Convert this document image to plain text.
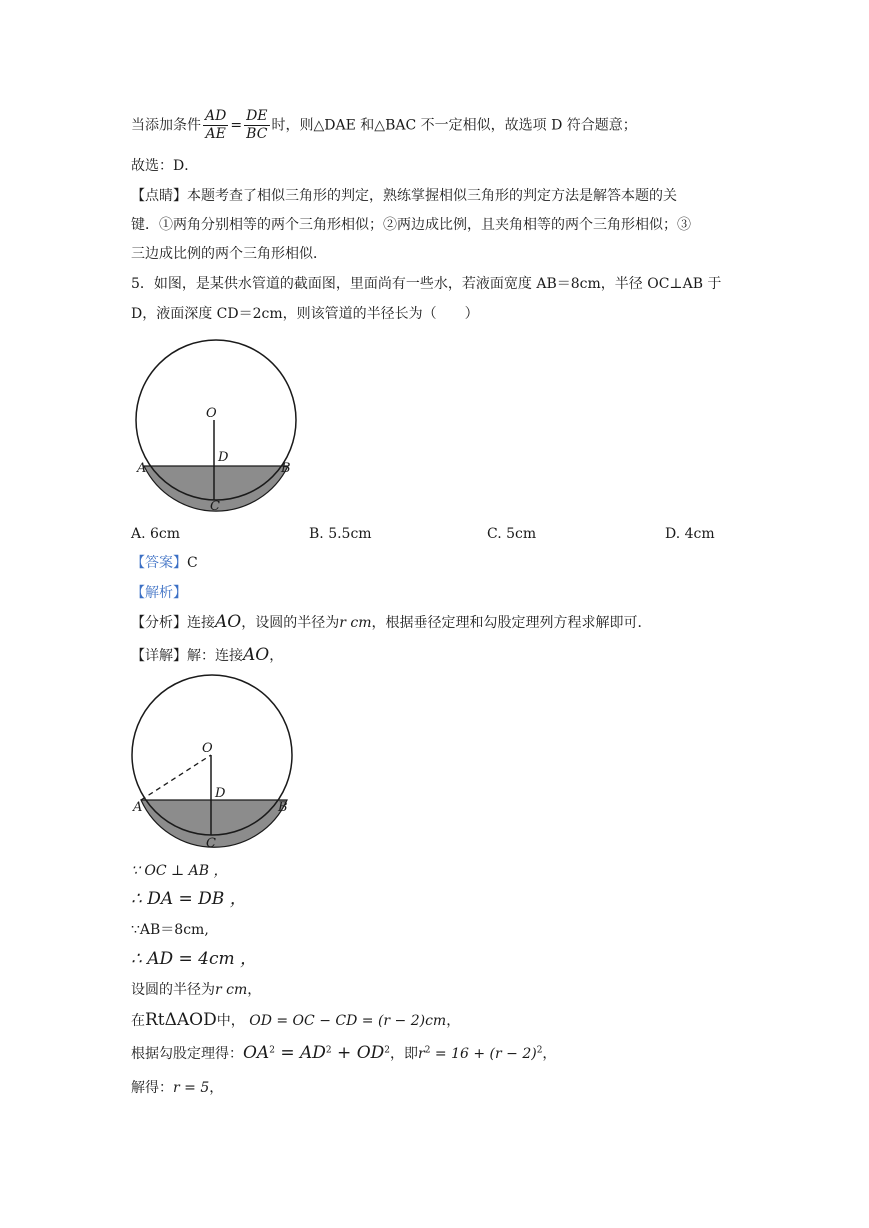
当添加条件 $\frac{AD}{AE} = \frac{DE}{BC}$ 时，则△DAE 和△BAC 不一定相似，故选项 D 符合题意；
故选：D．
【点睛】本题考查了相似三角形的判定，熟练掌握相似三角形的判定方法是解答本题的关
键．①两角分别相等的两个三角形相似；②两边成比例，且夹角相等的两个三角形相似；③
三边成比例的两个三角形相似．
5．如图，是某供水管道的截面图，里面尚有一些水，若液面宽度 AB＝8cm，半径 OC⊥AB 于
D，液面深度 CD＝2cm，则该管道的半径长为（　　）
O
D
A	B
C
A. 6cm	B. 5.5cm	C. 5cm	D. 4cm
【答案】C
【解析】
【分析】连接AO，设圆的半径为r cm，根据垂径定理和勾股定理列方程求解即可．
【详解】解：连接AO，
O
D
A	B
C
∵ OC ⊥ AB ，
∴ DA = DB ，
∵AB＝8cm,
∴ AD = 4cm ，
设圆的半径为r cm，
在RtΔAOD中， OD = OC − CD = (r − 2)cm，
根据勾股定理得：$OA^2 = AD^2 + OD^2$，即$r^2 = 16 + (r - 2)^2$，
解得：r = 5，
